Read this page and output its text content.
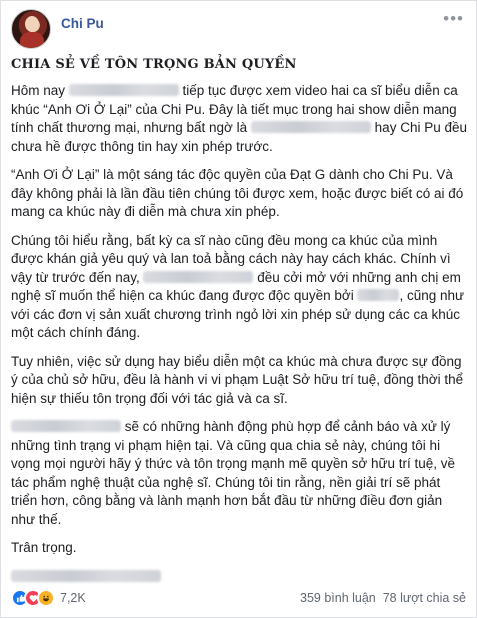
Chi Pu	•••
CHIA SẺ VỀ TÔN TRỌNG BẢN QUYỀN
Hôm nay	tiếp tục được xem video hai ca sĩ biểu diễn ca khúc “Anh Ơi Ở Lại” của Chi Pu. Đây là tiết mục trong hai show diễn mang tính chất thương mại, nhưng bất ngờ là	hay Chi Pu đều chưa hề được thông tin hay xin phép trước.
“Anh Ơi Ở Lại” là một sáng tác độc quyền của Đạt G dành cho Chi Pu. Và đây không phải là lần đầu tiên chúng tôi được xem, hoặc được biết có ai đó mang ca khúc này đi diễn mà chưa xin phép.
Chúng tôi hiểu rằng, bất kỳ ca sĩ nào cũng đều mong ca khúc của mình được khán giả yêu quý và lan toả bằng cách này hay cách khác. Chính vì vậy từ trước đến nay,	đều cởi mở với những anh chị em nghệ sĩ muốn thể hiện ca khúc đang được độc quyền bởi	, cũng như với các đơn vị sản xuất chương trình ngỏ lời xin phép sử dụng các ca khúc một cách chính đáng.
Tuy nhiên, việc sử dụng hay biểu diễn một ca khúc mà chưa được sự đồng ý của chủ sở hữu, đều là hành vi vi phạm Luật Sở hữu trí tuệ, đồng thời thể hiện sự thiếu tôn trọng đối với tác giả và ca sĩ.
sẽ có những hành động phù hợp để cảnh báo và xử lý những tình trạng vi phạm hiện tại. Và cũng qua chia sẻ này, chúng tôi hi vọng mọi người hãy ý thức và tôn trọng mạnh mẽ quyền sở hữu trí tuệ, về tác phẩm nghệ thuật của nghệ sĩ. Chúng tôi tin rằng, nền giải trí sẽ phát triển hơn, công bằng và lành mạnh hơn bắt đầu từ những điều đơn giản như thế.
Trân trọng.
7,2K	359 bình luận 78 lượt chia sẻ
